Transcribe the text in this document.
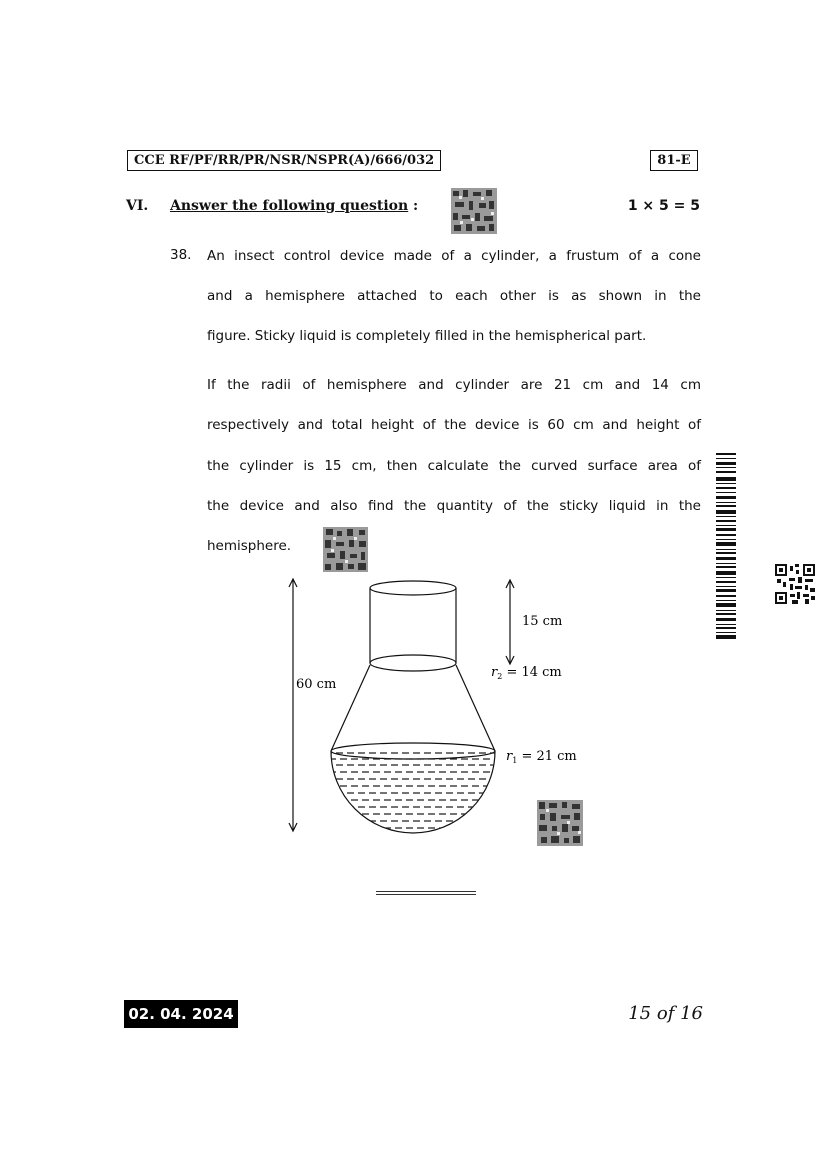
CCE RF/PF/RR/PR/NSR/NSPR(A)/666/032	81-E
VI. Answer the following question :	1 × 5 = 5
38. An insect control device made of a cylinder, a frustum of a cone
and a hemisphere attached to each other is as shown in the
figure. Sticky liquid is completely filled in the hemispherical part.
If the radii of hemisphere and cylinder are 21 cm and 14 cm
respectively and total height of the device is 60 cm and height of
the cylinder is 15 cm, then calculate the curved surface area of
the device and also find the quantity of the sticky liquid in the
hemisphere.
60 cm
15 cm
$r_2 = 14$ cm
$r_1 = 21$ cm
02. 04. 2024	15 of 16
